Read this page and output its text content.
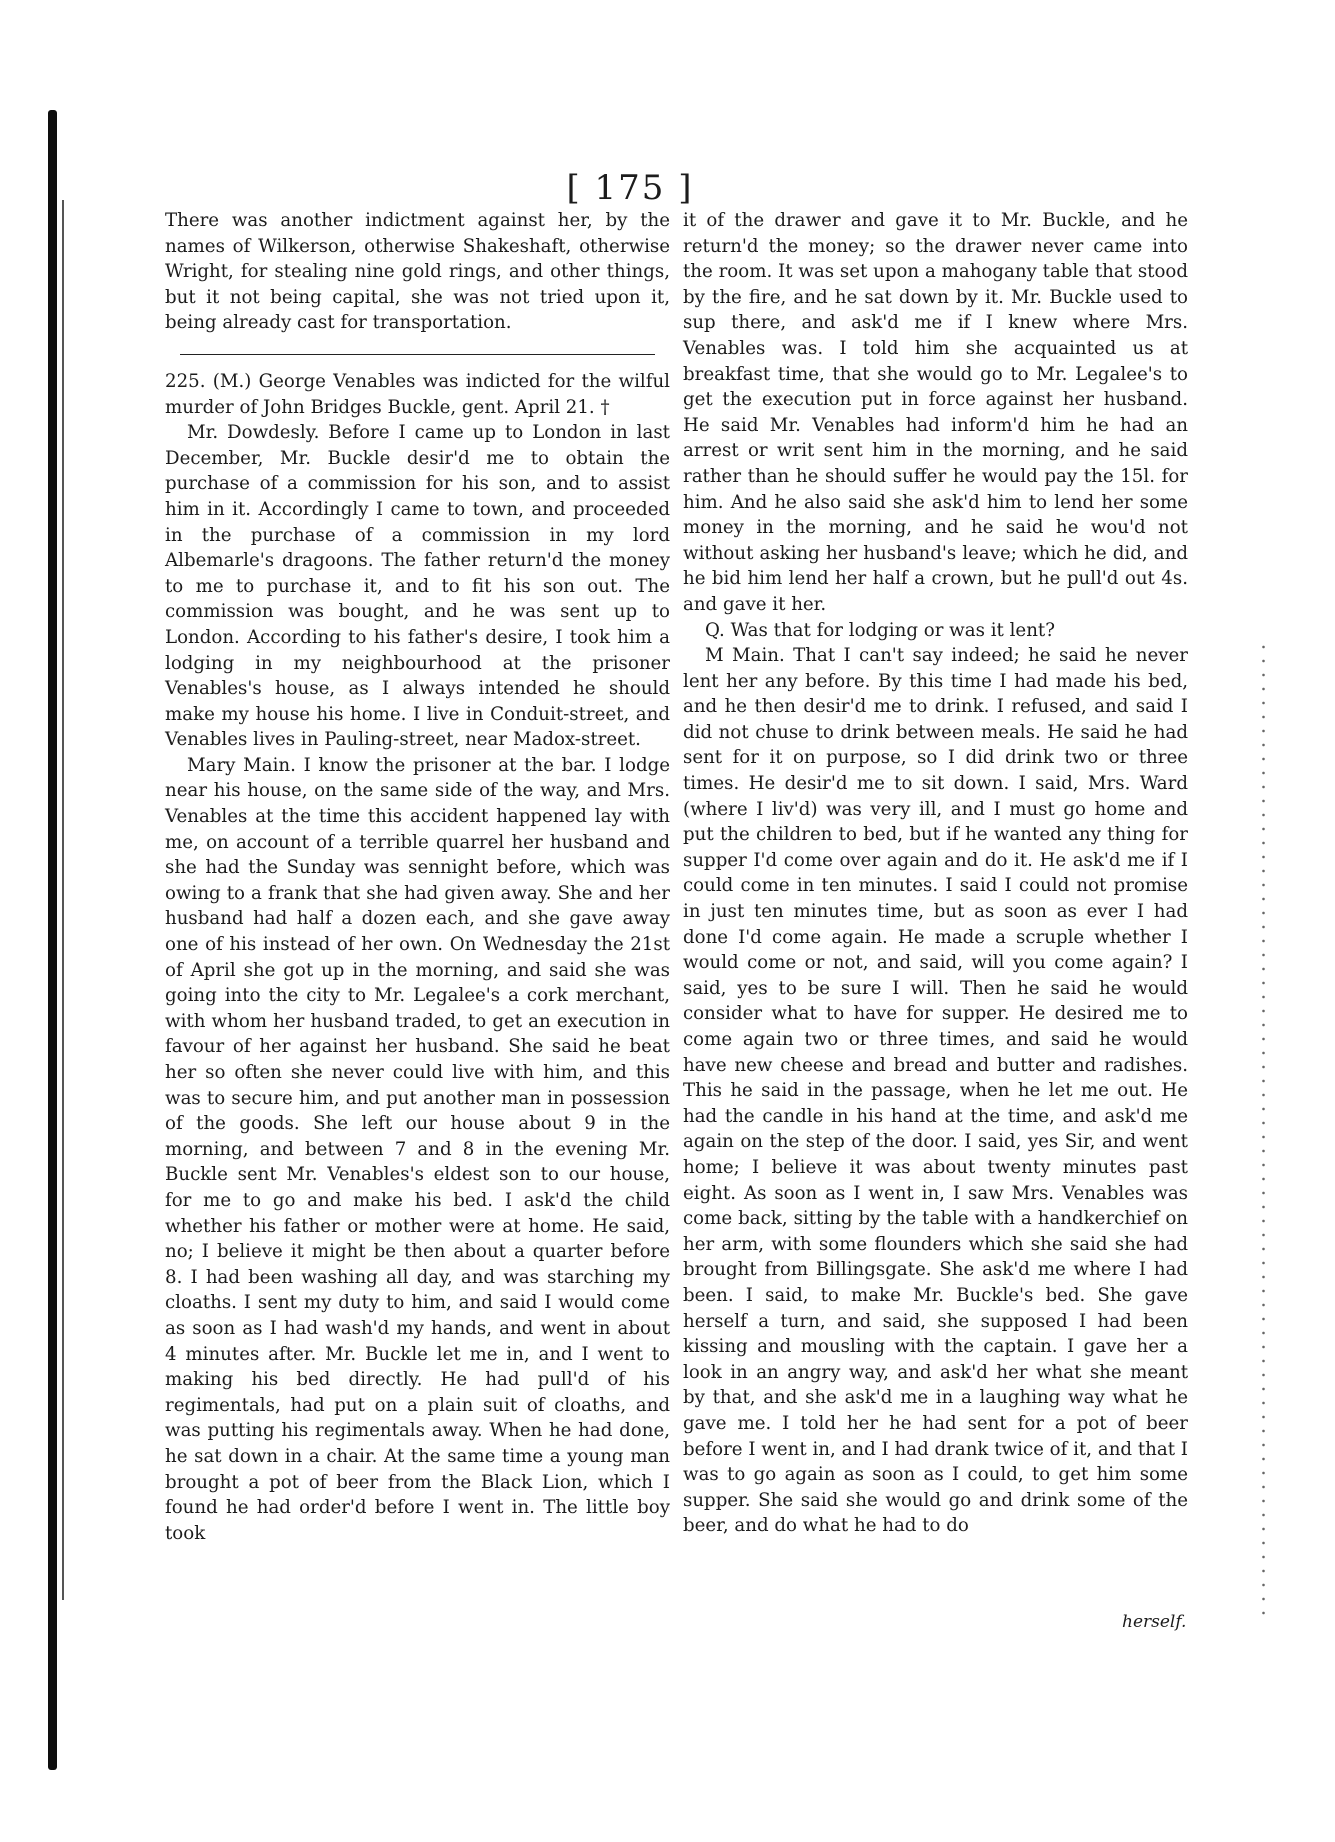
[ 175 ]

There was another indictment against her, by the names of Wilkerson, otherwise Shakeshaft, otherwise Wright, for stealing nine gold rings, and other things, but it not being capital, she was not tried upon it, being already cast for transportation.

225. (M.) George Venables was indicted for the wilful murder of John Bridges Buckle, gent. April 21. †

Mr. Dowdesly. Before I came up to London in last December, Mr. Buckle desir'd me to obtain the purchase of a commission for his son, and to assist him in it. Accordingly I came to town, and proceeded in the purchase of a commission in my lord Albemarle's dragoons. The father return'd the money to me to purchase it, and to fit his son out. The commission was bought, and he was sent up to London. According to his father's desire, I took him a lodging in my neighbourhood at the prisoner Venables's house, as I always intended he should make my house his home. I live in Conduit-street, and Venables lives in Pauling-street, near Madox-street.

Mary Main. I know the prisoner at the bar. I lodge near his house, on the same side of the way, and Mrs. Venables at the time this accident happened lay with me, on account of a terrible quarrel her husband and she had the Sunday was sennight before, which was owing to a frank that she had given away. She and her husband had half a dozen each, and she gave away one of his instead of her own. On Wednesday the 21st of April she got up in the morning, and said she was going into the city to Mr. Legalee's a cork merchant, with whom her husband traded, to get an execution in favour of her against her husband. She said he beat her so often she never could live with him, and this was to secure him, and put another man in possession of the goods. She left our house about 9 in the morning, and between 7 and 8 in the evening Mr. Buckle sent Mr. Venables's eldest son to our house, for me to go and make his bed. I ask'd the child whether his father or mother were at home. He said, no; I believe it might be then about a quarter before 8. I had been washing all day, and was starching my cloaths. I sent my duty to him, and said I would come as soon as I had wash'd my hands, and went in about 4 minutes after. Mr. Buckle let me in, and I went to making his bed directly. He had pull'd of his regimentals, had put on a plain suit of cloaths, and was putting his regimentals away. When he had done, he sat down in a chair. At the same time a young man brought a pot of beer from the Black Lion, which I found he had order'd before I went in. The little boy took

it of the drawer and gave it to Mr. Buckle, and he return'd the money; so the drawer never came into the room. It was set upon a mahogany table that stood by the fire, and he sat down by it. Mr. Buckle used to sup there, and ask'd me if I knew where Mrs. Venables was. I told him she acquainted us at breakfast time, that she would go to Mr. Legalee's to get the execution put in force against her husband. He said Mr. Venables had inform'd him he had an arrest or writ sent him in the morning, and he said rather than he should suffer he would pay the 15l. for him. And he also said she ask'd him to lend her some money in the morning, and he said he wou'd not without asking her husband's leave; which he did, and he bid him lend her half a crown, but he pull'd out 4s. and gave it her.

Q. Was that for lodging or was it lent?

M Main. That I can't say indeed; he said he never lent her any before. By this time I had made his bed, and he then desir'd me to drink. I refused, and said I did not chuse to drink between meals. He said he had sent for it on purpose, so I did drink two or three times. He desir'd me to sit down. I said, Mrs. Ward (where I liv'd) was very ill, and I must go home and put the children to bed, but if he wanted any thing for supper I'd come over again and do it. He ask'd me if I could come in ten minutes. I said I could not promise in just ten minutes time, but as soon as ever I had done I'd come again. He made a scruple whether I would come or not, and said, will you come again? I said, yes to be sure I will. Then he said he would consider what to have for supper. He desired me to come again two or three times, and said he would have new cheese and bread and butter and radishes. This he said in the passage, when he let me out. He had the candle in his hand at the time, and ask'd me again on the step of the door. I said, yes Sir, and went home; I believe it was about twenty minutes past eight. As soon as I went in, I saw Mrs. Venables was come back, sitting by the table with a handkerchief on her arm, with some flounders which she said she had brought from Billingsgate. She ask'd me where I had been. I said, to make Mr. Buckle's bed. She gave herself a turn, and said, she supposed I had been kissing and mousling with the captain. I gave her a look in an angry way, and ask'd her what she meant by that, and she ask'd me in a laughing way what he gave me. I told her he had sent for a pot of beer before I went in, and I had drank twice of it, and that I was to go again as soon as I could, to get him some supper. She said she would go and drink some of the beer, and do what he had to do

herself.
